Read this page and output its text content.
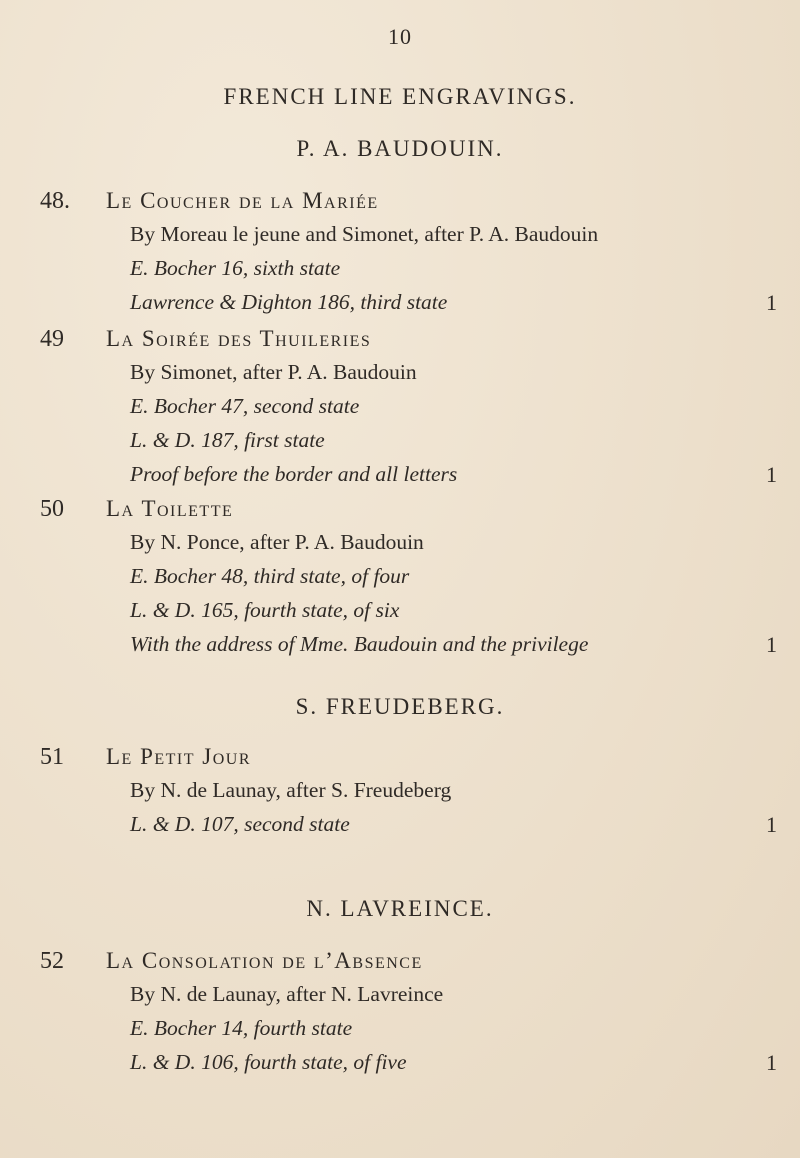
10
FRENCH LINE ENGRAVINGS.
P. A. BAUDOUIN.
48. Le Coucher de la Mariée
By Moreau le jeune and Simonet, after P. A. Baudouin
E. Bocher 16, sixth state
Lawrence & Dighton 186, third state	1
49 La Soirée des Thuileries
By Simonet, after P. A. Baudouin
E. Bocher 47, second state
L. & D. 187, first state
Proof before the border and all letters	1
50 La Toilette
By N. Ponce, after P. A. Baudouin
E. Bocher 48, third state, of four
L. & D. 165, fourth state, of six
With the address of Mme. Baudouin and the privilege	1
S. FREUDEBERG.
51 Le Petit Jour
By N. de Launay, after S. Freudeberg
L. & D. 107, second state	1
N. LAVREINCE.
52 La Consolation de l’Absence
By N. de Launay, after N. Lavreince
E. Bocher 14, fourth state
L. & D. 106, fourth state, of five	1
